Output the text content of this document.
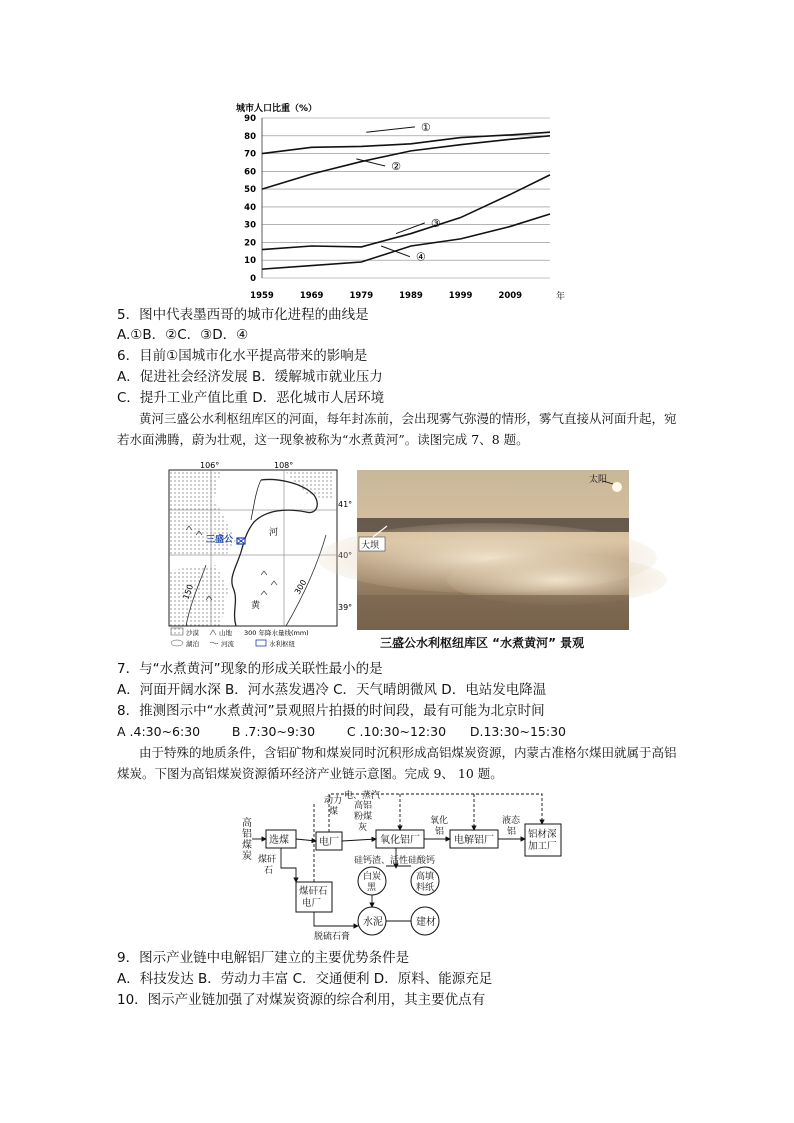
城市人口比重（%）
0
10
20
30
40
50
60
70
80
90
1959	1969	1979	1989	1999	2009	年
①
②
③
④
5．图中代表墨西哥的城市化进程的曲线是
A.①B．②C．③D．④
6．目前①国城市化水平提高带来的影响是
A．促进社会经济发展 B．缓解城市就业压力
C．提升工业产值比重 D．恶化城市人居环境
黄河三盛公水利枢纽库区的河面，每年封冻前，会出现雾气弥漫的情形，雾气直接从河面升起，宛若水面沸腾，蔚为壮观，这一现象被称为“水煮黄河”。读图完成 7、8 题。
150	300
三盛公
河
黄
106°	108°
41°
39°
沙漠	山地 300 年降水量线(mm)
湖泊	河流	水利枢纽
太阳
大坝
三盛公水利枢纽库区 “水煮黄河” 景观
7．与“水煮黄河”现象的形成关联性最小的是
A．河面开阔水深 B．河水蒸发遇冷 C．天气晴朗微风 D．电站发电降温
8．推测图示中“水煮黄河”景观照片拍摄的时间段，最有可能为北京时间
A .4:30~6:30        B .7:30~9:30        C .10:30~12:30      D.13:30~15:30
由于特殊的地质条件，含铝矿物和煤炭同时沉积形成高铝煤炭资源，内蒙古准格尔煤田就属于高铝煤炭。下图为高铝煤炭资源循环经济产业链示意图。完成 9、 10 题。
高铝煤炭
选煤	电厂	氧化铝厂	电解铝厂
铝材深加工厂
煤矸石电厂
白炭黑
高填料纸
水泥	建材
动力煤
高铝粉煤灰
氧化铝
液态铝
煤矸石
电、蒸汽
硅钙渣、活性硅酸钙
脱硫石膏
9．图示产业链中电解铝厂建立的主要优势条件是
A．科技发达 B．劳动力丰富 C．交通便利 D．原料、能源充足
10．图示产业链加强了对煤炭资源的综合利用，其主要优点有
